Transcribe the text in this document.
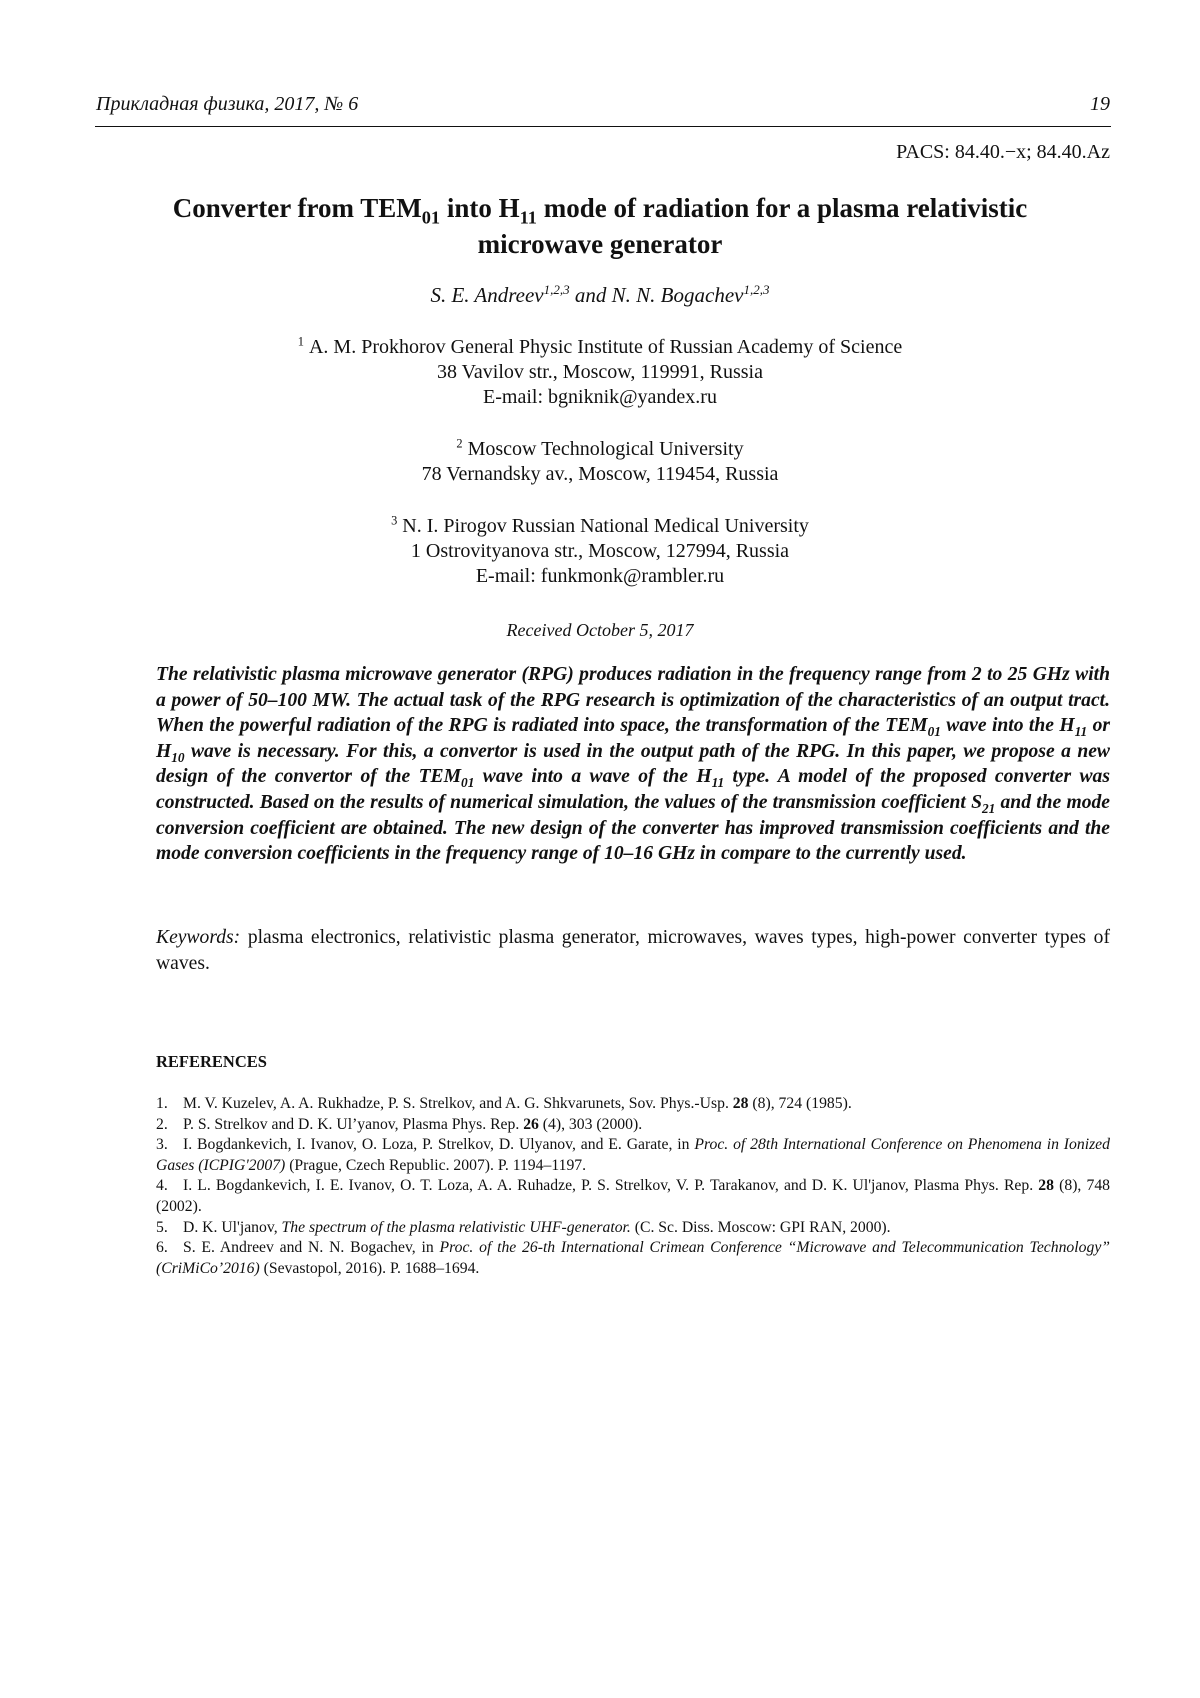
Прикладная физика, 2017, № 6	19
PACS: 84.40.−x; 84.40.Az
Converter from $TEM_{01}$ into $H_{11}$ mode of radiation for a plasma relativistic microwave generator
S. E. Andreev$^{1,2,3}$ and N. N. Bogachev$^{1,2,3}$
$^1$ A. M. Prokhorov General Physic Institute of Russian Academy of Science
38 Vavilov str., Moscow, 119991, Russia
E-mail: bgniknik@yandex.ru
$^2$ Moscow Technological University
78 Vernandsky av., Moscow, 119454, Russia
$^3$ N. I. Pirogov Russian National Medical University
1 Ostrovityanova str., Moscow, 127994, Russia
E-mail: funkmonk@rambler.ru
Received October 5, 2017

The relativistic plasma microwave generator (RPG) produces radiation in the frequency range from 2 to 25 GHz with a power of 50–100 MW. The actual task of the RPG research is optimization of the characteristics of an output tract. When the powerful radiation of the RPG is radiated into space, the transformation of the $TEM_{01}$ wave into the $H_{11}$ or $H_{10}$ wave is necessary. For this, a convertor is used in the output path of the RPG. In this paper, we propose a new design of the convertor of the $TEM_{01}$ wave into a wave of the $H_{11}$ type. A model of the proposed converter was constructed. Based on the results of numerical simulation, the values of the transmission coefficient $S_{21}$ and the mode conversion coefficient are obtained. The new design of the converter has improved transmission coefficients and the mode conversion coefficients in the frequency range of 10–16 GHz in compare to the currently used.

Keywords: plasma electronics, relativistic plasma generator, microwaves, waves types, high-power converter types of waves.

REFERENCES
1. M. V. Kuzelev, A. A. Rukhadze, P. S. Strelkov, and A. G. Shkvarunets, Sov. Phys.-Usp. 28 (8), 724 (1985).
2. P. S. Strelkov and D. K. Ul’yanov, Plasma Phys. Rep. 26 (4), 303 (2000).
3. I. Bogdankevich, I. Ivanov, O. Loza, P. Strelkov, D. Ulyanov, and E. Garate, in Proc. of 28th International Conference on Phenomena in Ionized Gases (ICPIG'2007) (Prague, Czech Republic. 2007). P. 1194–1197.
4. I. L. Bogdankevich, I. E. Ivanov, O. T. Loza, A. A. Ruhadze, P. S. Strelkov, V. P. Tarakanov, and D. K. Ul'janov, Plasma Phys. Rep. 28 (8), 748 (2002).
5. D. K. Ul'janov, The spectrum of the plasma relativistic UHF-generator. (C. Sc. Diss. Moscow: GPI RAN, 2000).
6. S. E. Andreev and N. N. Bogachev, in Proc. of the 26-th International Crimean Conference “Microwave and Telecommunication Technology” (CriMiCo’2016) (Sevastopol, 2016). P. 1688–1694.
